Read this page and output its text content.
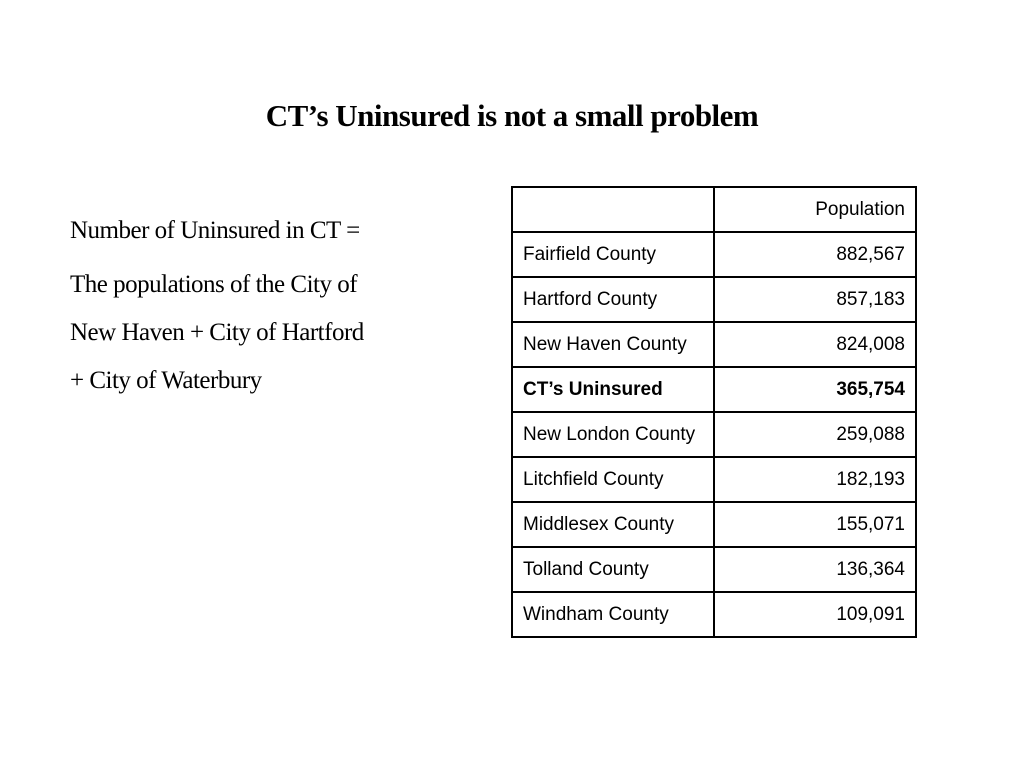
CT’s Uninsured is not a small problem

Number of Uninsured in CT =

The populations of the City of
New Haven + City of Hartford
+ City of Waterbury

	Population
Fairfield County	882,567
Hartford County	857,183
New Haven County	824,008
CT’s Uninsured	365,754
New London County	259,088
Litchfield County	182,193
Middlesex County	155,071
Tolland County	136,364
Windham County	109,091
